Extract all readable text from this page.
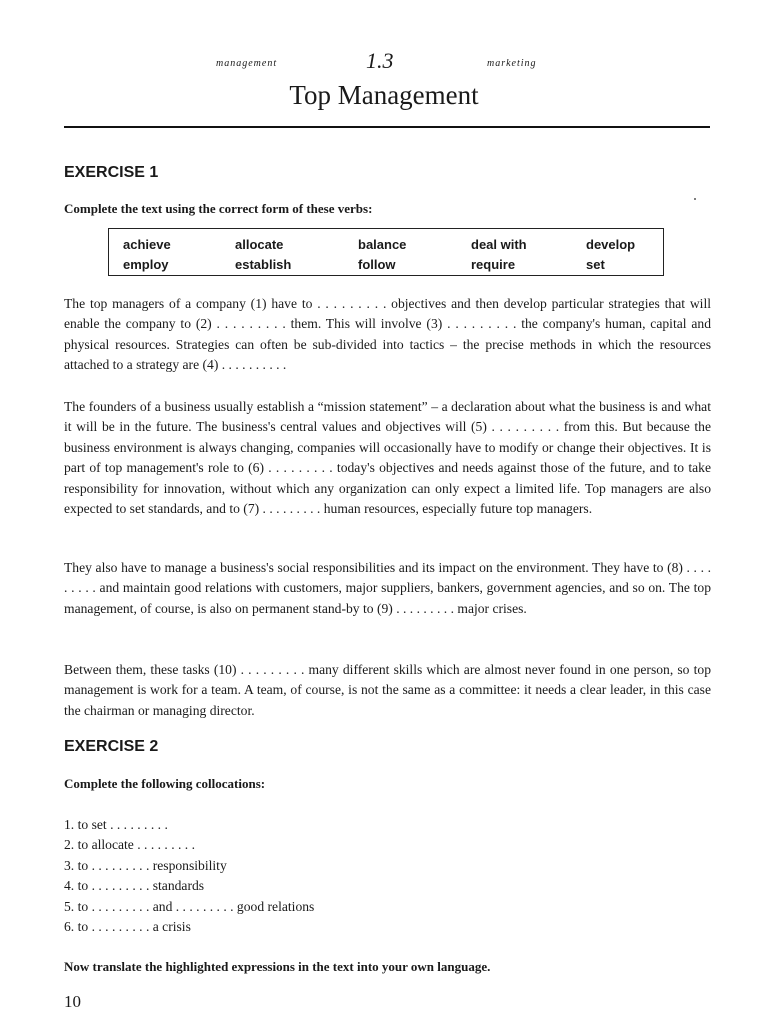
management	1.3	marketing
Top Management
EXERCISE 1
Complete the text using the correct form of these verbs:
achieve	allocate	balance	deal with	develop
employ	establish	follow	require	set

The top managers of a company (1) have to . . . . . . . . . objectives and then develop particular strategies that will enable the company to (2) . . . . . . . . . them. This will involve (3) . . . . . . . . . the company's human, capital and physical resources. Strategies can often be sub-divided into tactics – the precise methods in which the resources attached to a strategy are (4) . . . . . . . . . .

The founders of a business usually establish a “mission statement” – a declaration about what the business is and what it will be in the future. The business's central values and objectives will (5) . . . . . . . . . from this. But because the business environment is always changing, companies will occasionally have to modify or change their objectives. It is part of top management's role to (6) . . . . . . . . . today's objectives and needs against those of the future, and to take responsibility for innovation, without which any organization can only expect a limited life. Top managers are also expected to set standards, and to (7) . . . . . . . . . human resources, especially future top managers.

They also have to manage a business's social responsibilities and its impact on the environment. They have to (8) . . . . . . . . . and maintain good relations with customers, major suppliers, bankers, government agencies, and so on. The top management, of course, is also on permanent stand-by to (9) . . . . . . . . . major crises.

Between them, these tasks (10) . . . . . . . . . many different skills which are almost never found in one person, so top management is work for a team. A team, of course, is not the same as a committee: it needs a clear leader, in this case the chairman or managing director.

EXERCISE 2
Complete the following collocations:
1. to set . . . . . . . . .
2. to allocate . . . . . . . . .
3. to . . . . . . . . . responsibility
4. to . . . . . . . . . standards
5. to . . . . . . . . . and . . . . . . . . . good relations
6. to . . . . . . . . . a crisis
Now translate the highlighted expressions in the text into your own language.
10
